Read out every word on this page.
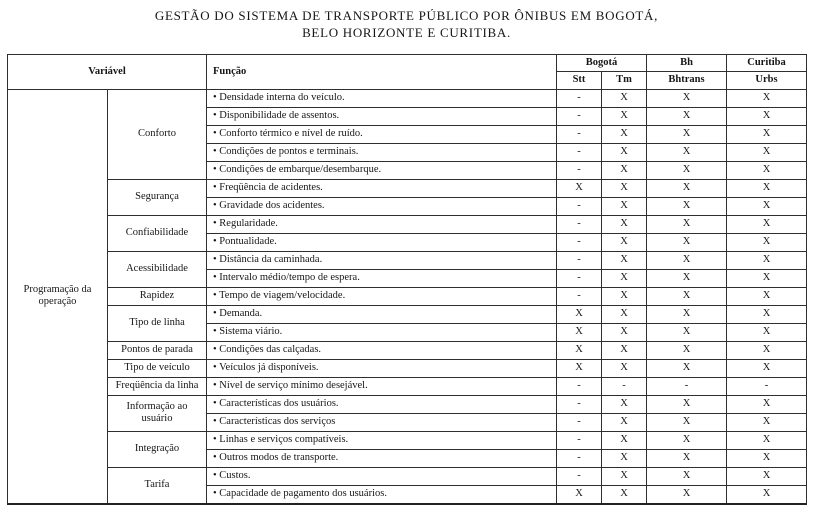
GESTÃO DO SISTEMA DE TRANSPORTE PÚBLICO POR ÔNIBUS EM BOGOTÁ,
BELO HORIZONTE E CURITIBA.
Variável		Função	Bogotá		Bh	Curitiba
			Stt	Tm	Bhtrans	Urbs
Programação da operação	Conforto	• Densidade interna do veículo.	-	X	X	X
		• Disponibilidade de assentos.	-	X	X	X
		• Conforto térmico e nível de ruído.	-	X	X	X
		• Condições de pontos e terminais.	-	X	X	X
		• Condições de embarque/desembarque.	-	X	X	X
	Segurança	• Freqüência de acidentes.	X	X	X	X
		• Gravidade dos acidentes.	-	X	X	X
	Confiabilidade	• Regularidade.	-	X	X	X
		• Pontualidade.	-	X	X	X
	Acessibilidade	• Distância da caminhada.	-	X	X	X
		• Intervalo médio/tempo de espera.	-	X	X	X
	Rapidez	• Tempo de viagem/velocidade.	-	X	X	X
	Tipo de linha	• Demanda.	X	X	X	X
		• Sistema viário.	X	X	X	X
	Pontos de parada	• Condições das calçadas.	X	X	X	X
	Tipo de veículo	• Veículos já disponíveis.	X	X	X	X
	Freqüência da linha	• Nível de serviço mínimo desejável.	-	-	-	-
	Informação ao usuário	• Características dos usuários.	-	X	X	X
		• Características dos serviços	-	X	X	X
	Integração	• Linhas e serviços compatíveis.	-	X	X	X
		• Outros modos de transporte.	-	X	X	X
	Tarifa	• Custos.	-	X	X	X
		• Capacidade de pagamento dos usuários.	X	X	X	X
